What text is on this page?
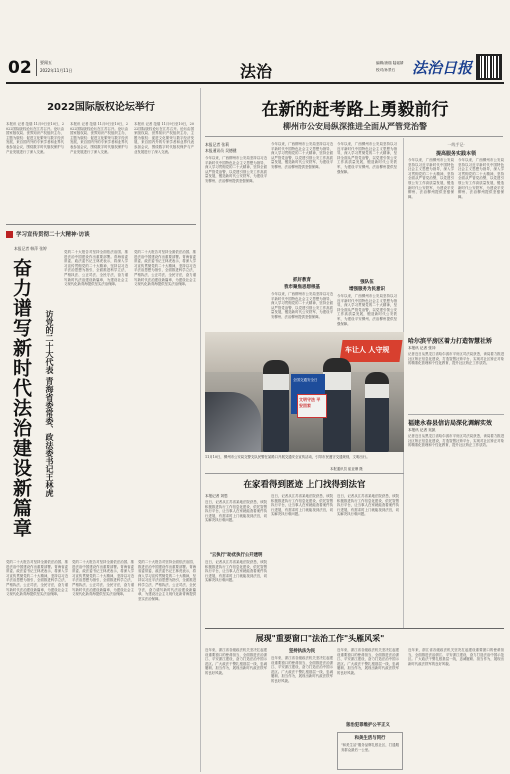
02 要闻五
2022年11月11日	法治	编辑/唐瑞 陆瑶婧
校对/孙景石 法治日报
2022国际版权论坛举行
本报讯 记者 范瑞 11月9日至10日，2022国际版权论坛在江苏召开。论坛由国家版权局、世界知识产权组织主办，主题为版权：促进文化繁荣与数字经济发展，来自国内外的专家学者和业界代表参加会议，围绕数字时代版权保护与产业发展进行了深入交流。
本报讯 记者 范瑞 11月9日至10日，2022国际版权论坛在江苏召开。论坛由国家版权局、世界知识产权组织主办，主题为版权：促进文化繁荣与数字经济发展，来自国内外的专家学者和业界代表参加会议，围绕数字时代版权保护与产业发展进行了深入交流。
本报讯 记者 范瑞 11月9日至10日，2022国际版权论坛在江苏召开。论坛由国家版权局、世界知识产权组织主办，主题为版权：促进文化繁荣与数字经济发展，来自国内外的专家学者和业界代表参加会议，围绕数字时代版权保护与产业发展进行了深入交流。
学习宣传贯彻二十大精神·访谈
本报记者 韩萍 张婷
奋力谱写新时代法治建设新篇章	访党的二十大代表 青海省委常委、政法委书记王林虎
党的二十大报告对坚持全面依法治国、推进法治中国建设作出重要部署。青海省委常委、政法委书记王林虎表示，将深入学习宣传贯彻党的二十大精神，坚持以习近平法治思想为指引，全面推进科学立法、严格执法、公正司法、全民守法，奋力谱写新时代法治建设新篇章，为建设社会主义现代化新青海提供坚实法治保障。
党的二十大报告对坚持全面依法治国、推进法治中国建设作出重要部署。青海省委常委、政法委书记王林虎表示，将深入学习宣传贯彻党的二十大精神，坚持以习近平法治思想为指引，全面推进科学立法、严格执法、公正司法、全民守法，奋力谱写新时代法治建设新篇章，为建设社会主义现代化新青海提供坚实法治保障。
党的二十大报告对坚持全面依法治国、推进法治中国建设作出重要部署。青海省委常委、政法委书记王林虎表示，将深入学习宣传贯彻党的二十大精神，坚持以习近平法治思想为指引，全面推进科学立法、严格执法、公正司法、全民守法，奋力谱写新时代法治建设新篇章，为建设社会主义现代化新青海提供坚实法治保障。
党的二十大报告对坚持全面依法治国、推进法治中国建设作出重要部署。青海省委常委、政法委书记王林虎表示，将深入学习宣传贯彻党的二十大精神，坚持以习近平法治思想为指引，全面推进科学立法、严格执法、公正司法、全民守法，奋力谱写新时代法治建设新篇章，为建设社会主义现代化新青海提供坚实法治保障。
党的二十大报告对坚持全面依法治国、推进法治中国建设作出重要部署。青海省委常委、政法委书记王林虎表示，将深入学习宣传贯彻党的二十大精神，坚持以习近平法治思想为指引，全面推进科学立法、严格执法、公正司法、全民守法，奋力谱写新时代法治建设新篇章，为建设社会主义现代化新青海提供坚实法治保障。
在新的赶考路上勇毅前行
柳州市公安局纵深推进全面从严管党治警
本报记者 张莉
本报通讯员 吴德健
今年以来，广西柳州市公安局坚持以习近平新时代中国特色社会主义思想为指导，深入学习贯彻党的二十大精神，坚持全面从严管党治警，以党建引领公安工作高质量发展，锻造新时代公安铁军，为建设平安柳州、法治柳州提供坚强保障。
今年以来，广西柳州市公安局坚持以习近平新时代中国特色社会主义思想为指导，深入学习贯彻党的二十大精神，坚持全面从严管党治警，以党建引领公安工作高质量发展，锻造新时代公安铁军，为建设平安柳州、法治柳州提供坚强保障。
抓好教育
我市聚焦思想根基
今年以来，广西柳州市公安局坚持以习近平新时代中国特色社会主义思想为指导，深入学习贯彻党的二十大精神，坚持全面从严管党治警，以党建引领公安工作高质量发展，锻造新时代公安铁军，为建设平安柳州、法治柳州提供坚强保障。
今年以来，广西柳州市公安局坚持以习近平新时代中国特色社会主义思想为指导，深入学习贯彻党的二十大精神，坚持全面从严管党治警，以党建引领公安工作高质量发展，锻造新时代公安铁军，为建设平安柳州、法治柳州提供坚强保障。
强队伍
增强服务为民意识
今年以来，广西柳州市公安局坚持以习近平新时代中国特色社会主义思想为指导，深入学习贯彻党的二十大精神，坚持全面从严管党治警，以党建引领公安工作高质量发展，锻造新时代公安铁军，为建设平安柳州、法治柳州提供坚强保障。
一线手记·
提高服务实践本领
今年以来，广西柳州市公安局坚持以习近平新时代中国特色社会主义思想为指导，深入学习贯彻党的二十大精神，坚持全面从严管党治警，以党建引领公安工作高质量发展，锻造新时代公安铁军，为建设平安柳州、法治柳州提供坚强保障。
今年以来，广西柳州市公安局坚持以习近平新时代中国特色社会主义思想为指导，深入学习贯彻党的二十大精神，坚持全面从严管党治警，以党建引领公安工作高质量发展，锻造新时代公安铁军，为建设平安柳州、法治柳州提供坚强保障。
车让人 人守规
全国交通安全日
文明守法 平安回家
11月10日，柳州市公安局交警支队民警在某路口开展交通安全宣传活动，引导市民遵守交通规则，文明出行。
本报通讯员 崔亚珊 摄
哈尔滨平房区着力打造智慧社矫
本报讯 记者 张冲
记者近日从黑龙江省哈尔滨市平房区司法局获悉，该局着力推进社区矫正信息化建设，打造智慧社矫平台，实现对社区矫正对象的精准化管理和个性化教育，提升社区矫正工作质效。
福建永春县信访局深化调解实效
本报讯 记者 吴凯
记者近日从黑龙江省哈尔滨市平房区司法局获悉，该局着力推进社区矫正信息化建设，打造智慧社矫平台，实现对社区矫正对象的精准化管理和个性化教育，提升社区矫正工作质效。
在家看得到匿迹 上门找得到法官
本报记者 刘思
近日，记者从江苏省某地法院获悉，该院积极推进执行工作信息化建设，依托智慧执行平台，让当事人在家就能查看案件执行进展，有需求时上门就能找到法官，切实解决执行难问题。
"云执行"助优执行公开透明
近日，记者从江苏省某地法院获悉，该院积极推进执行工作信息化建设，依托智慧执行平台，让当事人在家就能查看案件执行进展，有需求时上门就能找到法官，切实解决执行难问题。
近日，记者从江苏省某地法院获悉，该院积极推进执行工作信息化建设，依托智慧执行平台，让当事人在家就能查看案件执行进展，有需求时上门就能找到法官，切实解决执行难问题。
近日，记者从江苏省某地法院获悉，该院积极推进执行工作信息化建设，依托智慧执行平台，让当事人在家就能查看案件执行进展，有需求时上门就能找到法官，切实解决执行难问题。
展现"重要窗口"法治工作"头雁风采"
近年来，浙江省各级政法机关坚决扛起建设重要窗口的使命担当，全面推进法治浙江、平安浙江建设，奋力打造法治中国示范区。广大政法干警扎根基层一线，忠诚履职、担当作为，展现出新时代政法铁军的良好风貌。
坚持执法为民
近年来，浙江省各级政法机关坚决扛起建设重要窗口的使命担当，全面推进法治浙江、平安浙江建设，奋力打造法治中国示范区。广大政法干警扎根基层一线，忠诚履职、担当作为，展现出新时代政法铁军的良好风貌。
近年来，浙江省各级政法机关坚决扛起建设重要窗口的使命担当，全面推进法治浙江、平安浙江建设，奋力打造法治中国示范区。广大政法干警扎根基层一线，忠诚履职、担当作为，展现出新时代政法铁军的良好风貌。
惩治犯罪维护公平正义
和美生活与同行
"和美生活"服务品牌扎根社区，打通服务群众最后一公里。
近年来，浙江省各级政法机关坚决扛起建设重要窗口的使命担当，全面推进法治浙江、平安浙江建设，奋力打造法治中国示范区。广大政法干警扎根基层一线，忠诚履职、担当作为，展现出新时代政法铁军的良好风貌。
